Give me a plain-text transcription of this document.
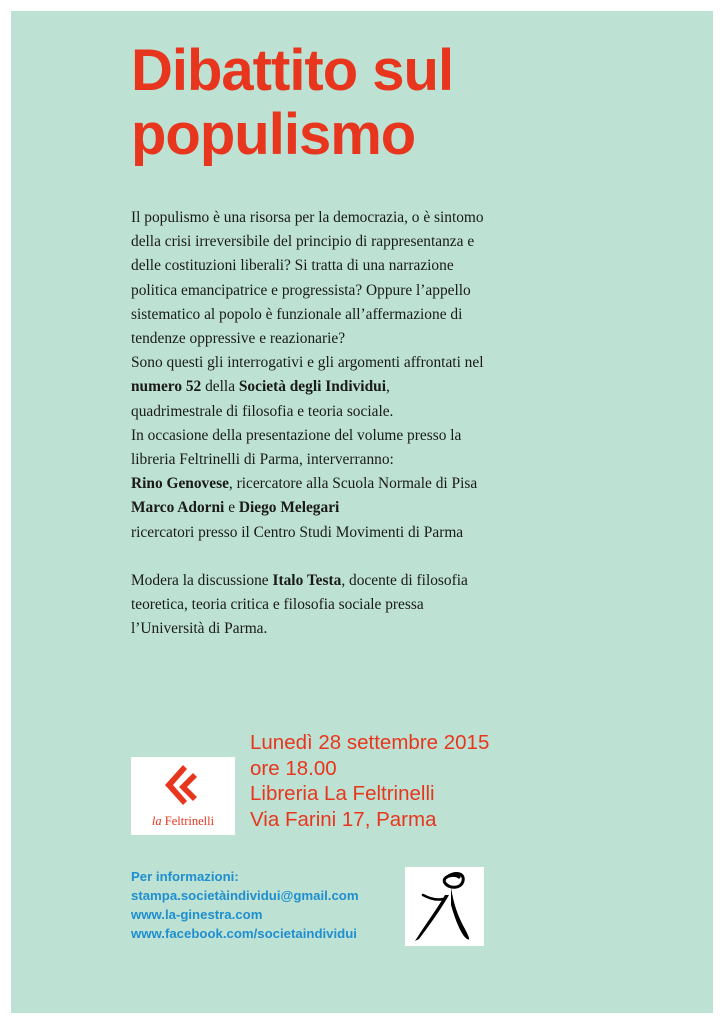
Dibattito sul
populismo

Il populismo è una risorsa per la democrazia, o è sintomo

della crisi irreversibile del principio di rappresentanza e

delle costituzioni liberali? Si tratta di una narrazione

politica emancipatrice e progressista? Oppure l’appello

sistematico al popolo è funzionale all’affermazione di

tendenze oppressive e reazionarie?

Sono questi gli interrogativi e gli argomenti affrontati nel

numero 52 della Società degli Individui,

quadrimestrale di filosofia e teoria sociale.

In occasione della presentazione del volume presso la

libreria Feltrinelli di Parma, interverranno:

Rino Genovese, ricercatore alla Scuola Normale di Pisa

Marco Adorni e Diego Melegari

ricercatori presso il Centro Studi Movimenti di Parma

Modera la discussione Italo Testa, docente di filosofia

teoretica, teoria critica e filosofia sociale pressa

l’Università di Parma.

la Feltrinelli
Lunedì 28 settembre 2015
ore 18.00
Libreria La Feltrinelli
Via Farini 17, Parma
Per informazioni:
stampa.societàindividui@gmail.com
www.la-ginestra.com
www.facebook.com/societaindividui
